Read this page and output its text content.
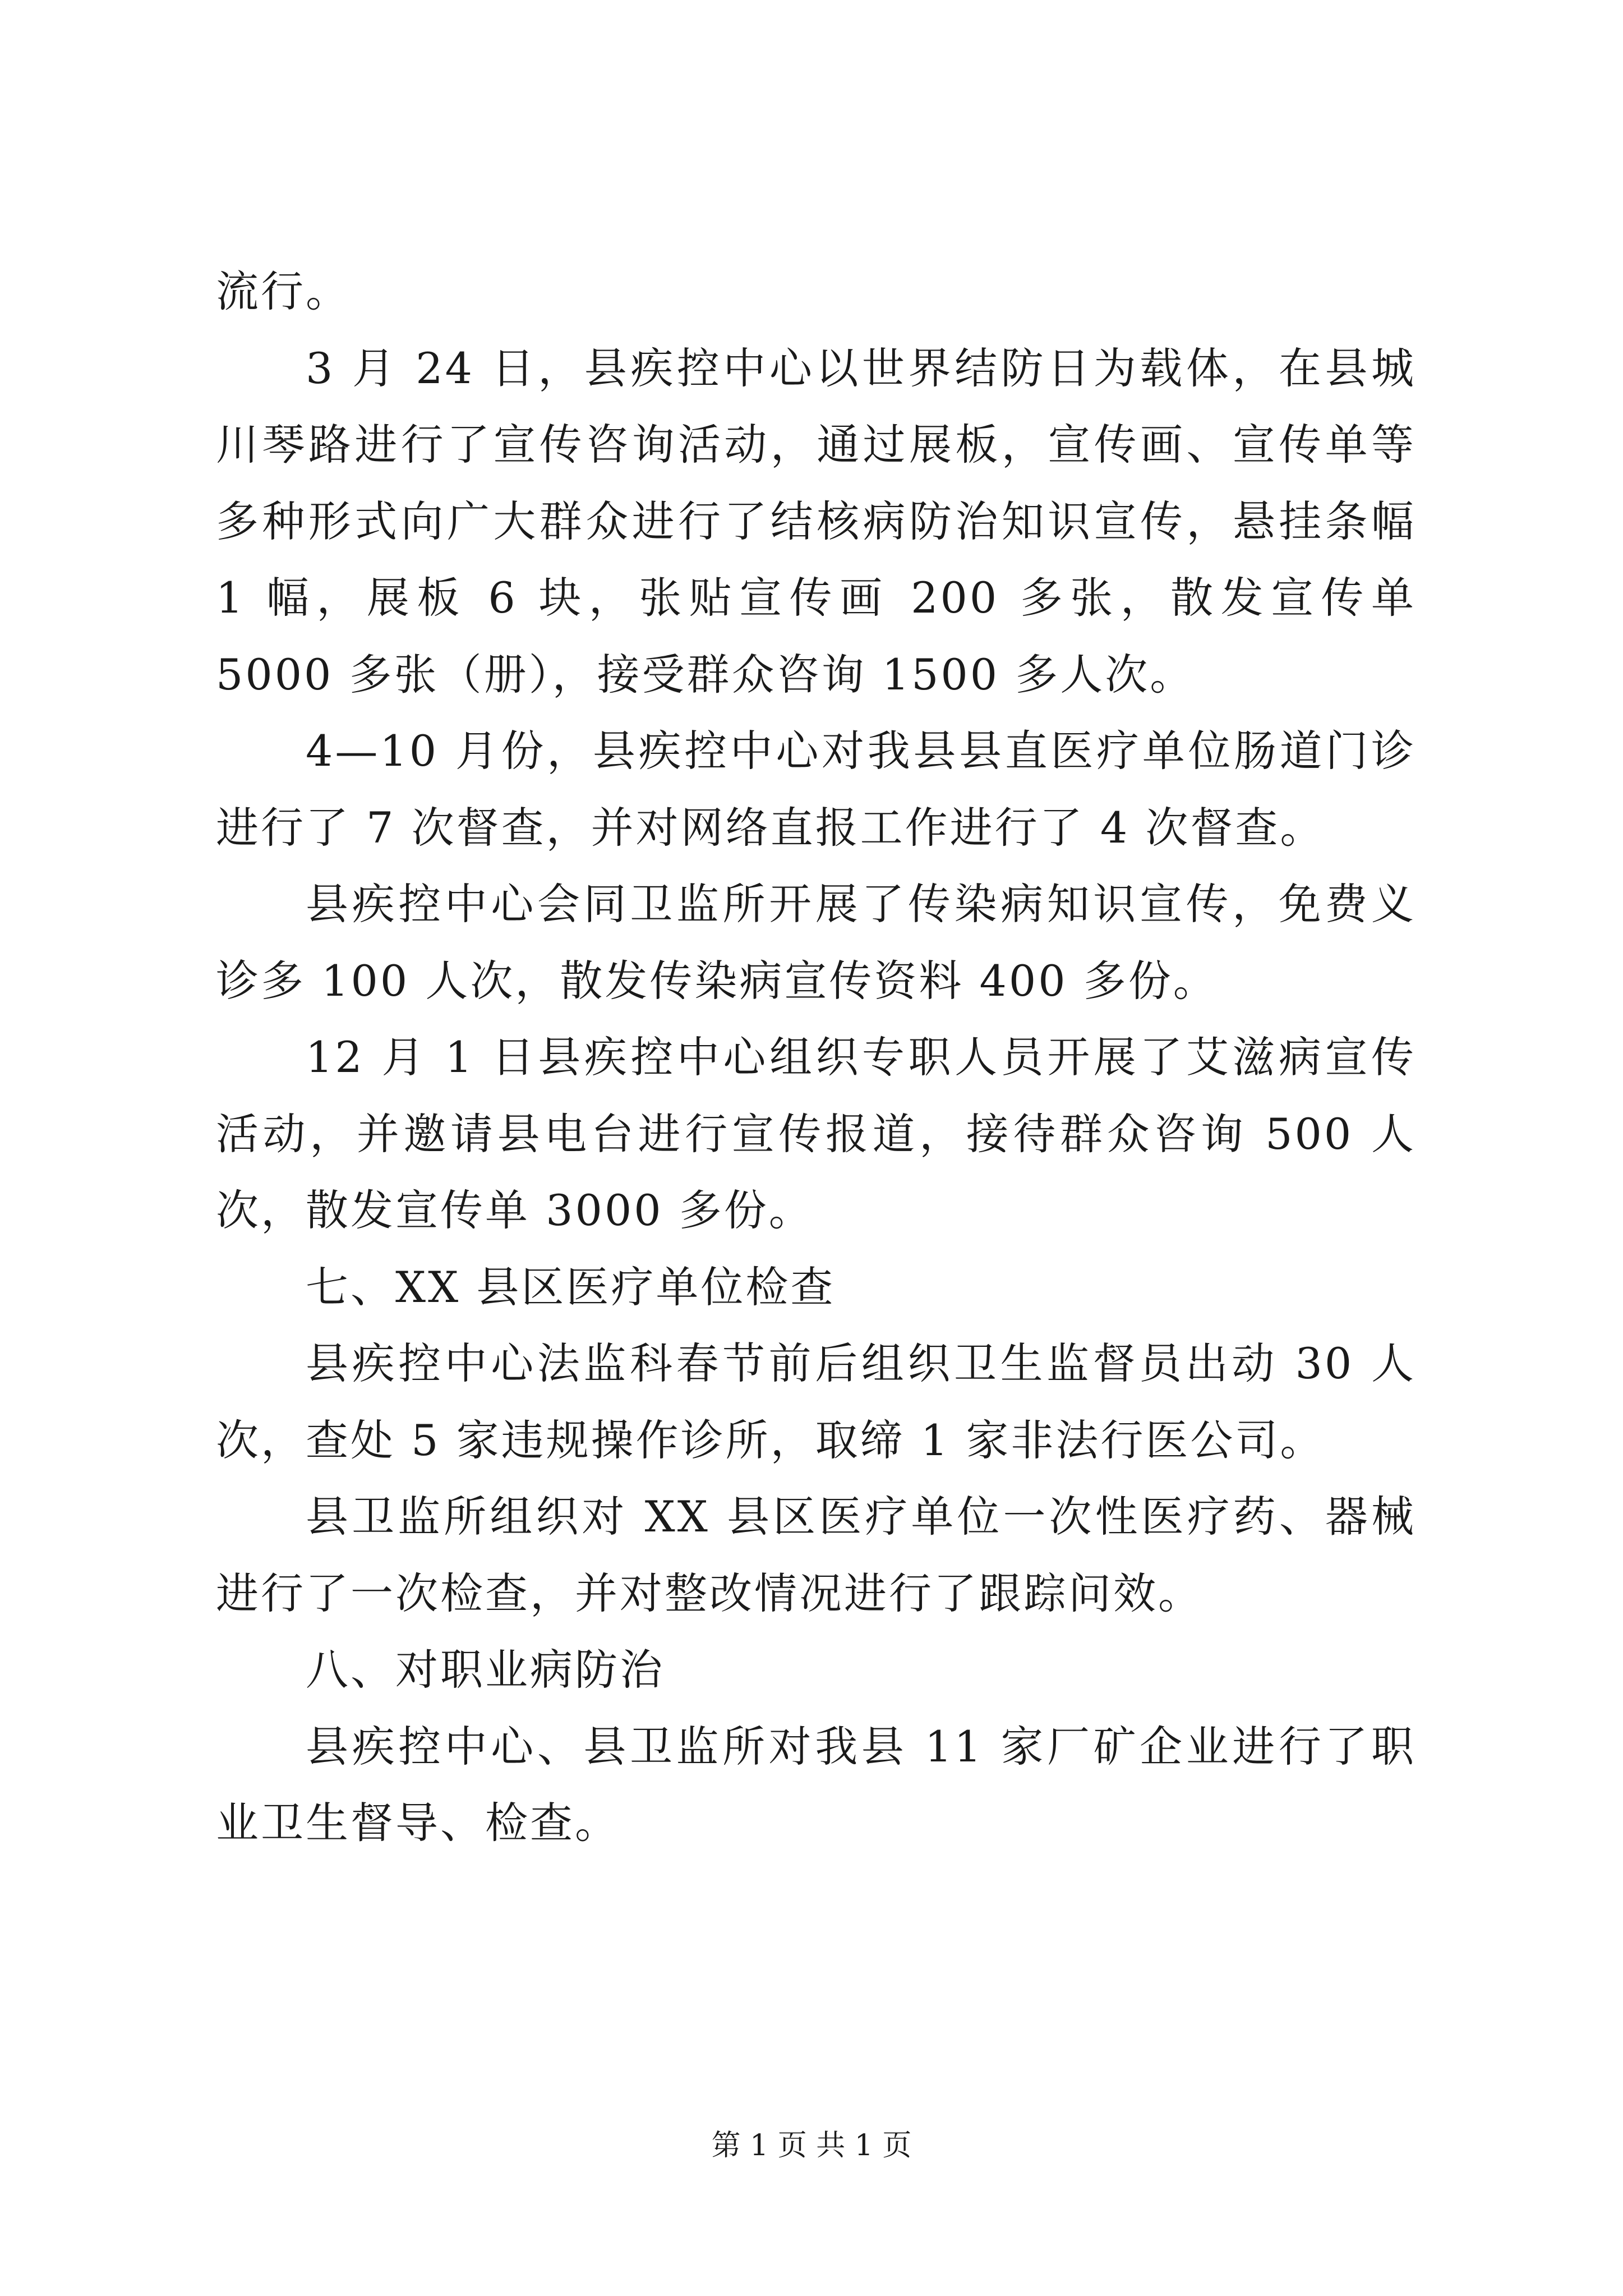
流行。

3 月 24 日，县疾控中心以世界结防日为载体，在县城川琴路进行了宣传咨询活动，通过展板，宣传画、宣传单等多种形式向广大群众进行了结核病防治知识宣传，悬挂条幅 1 幅，展板 6 块，张贴宣传画 200 多张，散发宣传单 5000 多张（册），接受群众咨询 1500 多人次。

4—10 月份，县疾控中心对我县县直医疗单位肠道门诊进行了 7 次督查，并对网络直报工作进行了 4 次督查。

县疾控中心会同卫监所开展了传染病知识宣传，免费义诊多 100 人次，散发传染病宣传资料 400 多份。

12 月 1 日县疾控中心组织专职人员开展了艾滋病宣传活动，并邀请县电台进行宣传报道，接待群众咨询 500 人次，散发宣传单 3000 多份。

七、XX 县区医疗单位检查

县疾控中心法监科春节前后组织卫生监督员出动 30 人次，查处 5 家违规操作诊所，取缔 1 家非法行医公司。

县卫监所组织对 XX 县区医疗单位一次性医疗药、器械进行了一次检查，并对整改情况进行了跟踪问效。

八、对职业病防治

县疾控中心、县卫监所对我县 11 家厂矿企业进行了职业卫生督导、检查。

第 1 页 共 1 页
